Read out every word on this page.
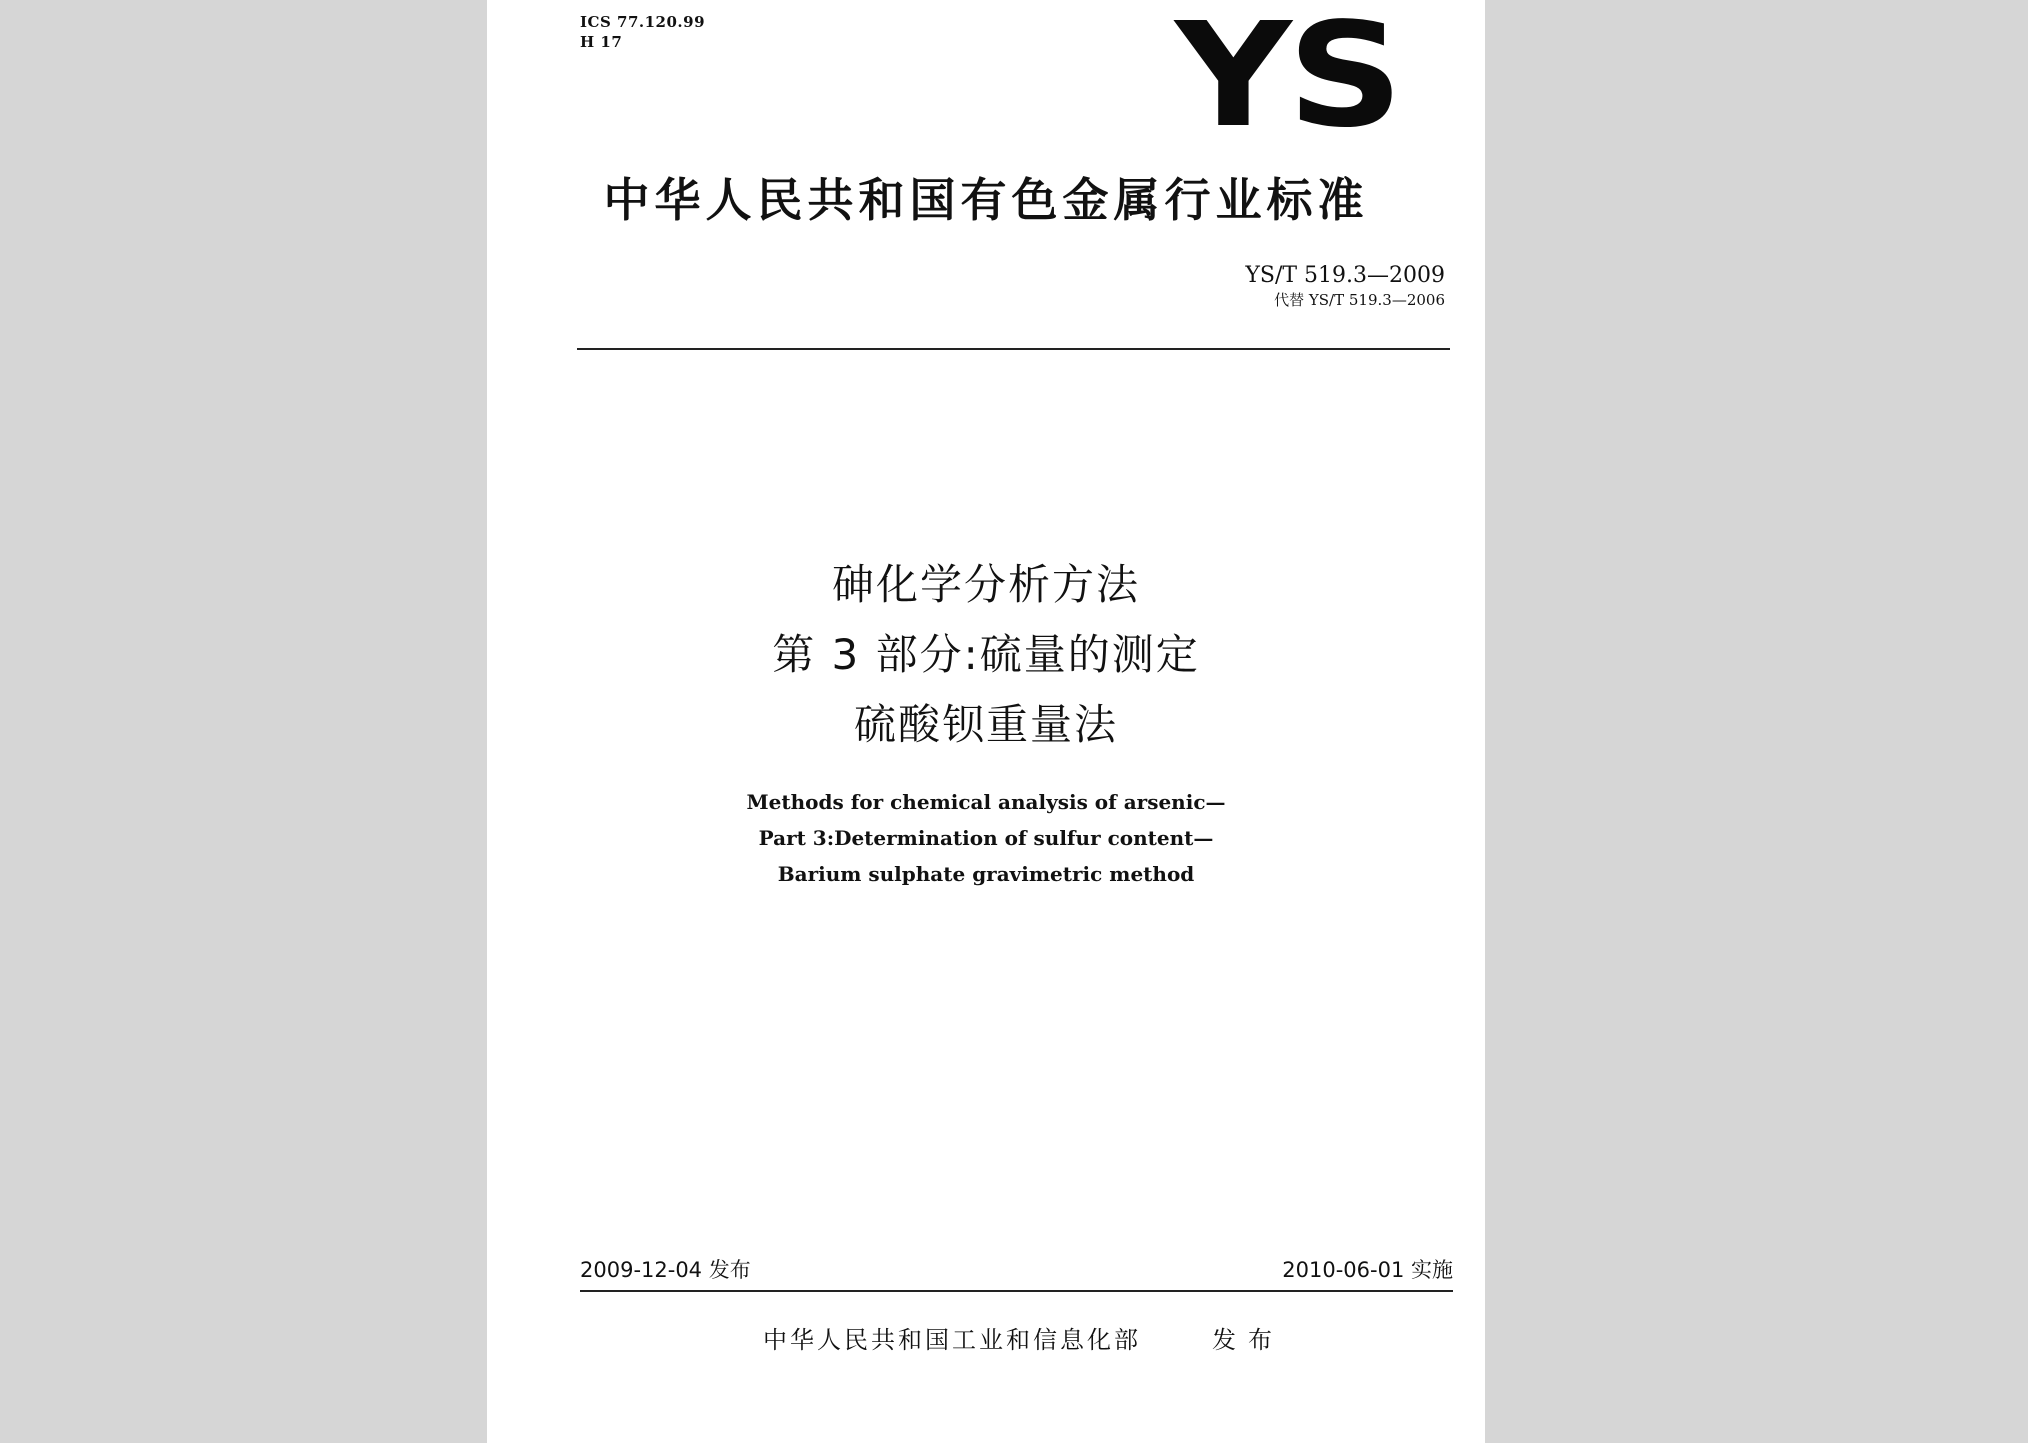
ICS 77.120.99
H 17	YS
中华人民共和国有色金属行业标准
YS/T 519.3—2009
代替 YS/T 519.3—2006
砷化学分析方法
第 3 部分:硫量的测定
硫酸钡重量法
Methods for chemical analysis of arsenic—
Part 3:Determination of sulfur content—
Barium sulphate gravimetric method
2009-12-04 发布	2010-06-01 实施
中华人民共和国工业和信息化部	发布
